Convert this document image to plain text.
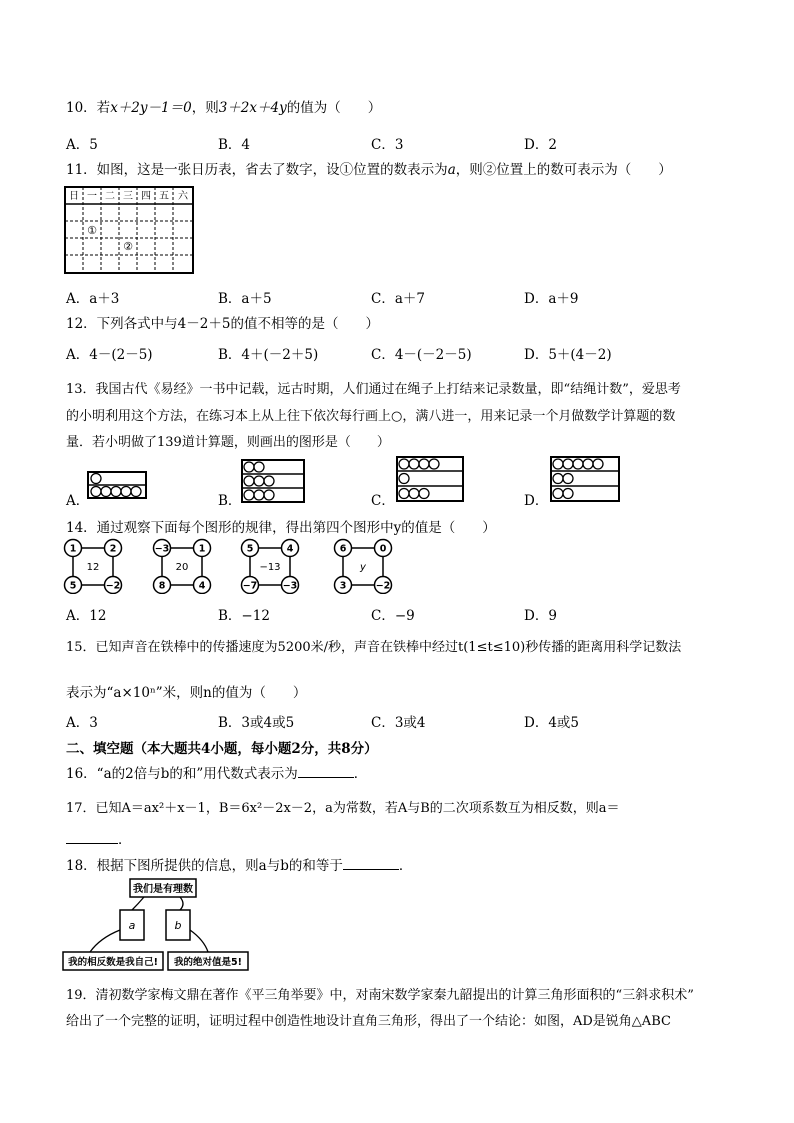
10．若x＋2y－1＝0，则3＋2x＋4y的值为（　　）
A．5	B．4	C．3	D．2
11．如图，这是一张日历表，省去了数字，设①位置的数表示为a，则②位置上的数可表示为（　　）
日 一 二 三 四 五 六
①
②
A．a＋3	B．a＋5	C．a＋7	D．a＋9
12．下列各式中与4－2＋5的值不相等的是（　　）
A．4－(2－5)	B．4＋(－2＋5)	C．4－(－2－5)	D．5＋(4－2)
13．我国古代《易经》一书中记载，远古时期，人们通过在绳子上打结来记录数量，即“结绳计数”，爱思考
的小明利用这个方法，在练习本上从上往下依次每行画上○，满八进一，用来记录一个月做数学计算题的数
量．若小明做了139道计算题，则画出的图形是（　　）
A．	B．	C．	D．
14．通过观察下面每个图形的规律，得出第四个图形中y的值是（　　）
1	2
5	−2
12
−3	1
8	4
20
5	4
−7	−3
−13
6	0
3	−2
y
A．12	B．−12	C．−9	D．9
15．已知声音在铁棒中的传播速度为5200米/秒，声音在铁棒中经过t(1≤t≤10)秒传播的距离用科学记数法
表示为“a×10ⁿ”米，则n的值为（　　）
A．3	B．3或4或5	C．3或4	D．4或5
二、填空题（本大题共4小题，每小题2分，共8分）
16．“a的2倍与b的和”用代数式表示为	．
17．已知A＝ax²＋x－1，B＝6x²－2x－2，a为常数，若A与B的二次项系数互为相反数，则a＝
．
18．根据下图所提供的信息，则a与b的和等于	．
我们是有理数
a	b
我的相反数是我自己! 我的绝对值是5!
19．清初数学家梅文鼎在著作《平三角举要》中，对南宋数学家秦九韶提出的计算三角形面积的“三斜求积术”
给出了一个完整的证明，证明过程中创造性地设计直角三角形，得出了一个结论：如图，AD是锐角△ABC
